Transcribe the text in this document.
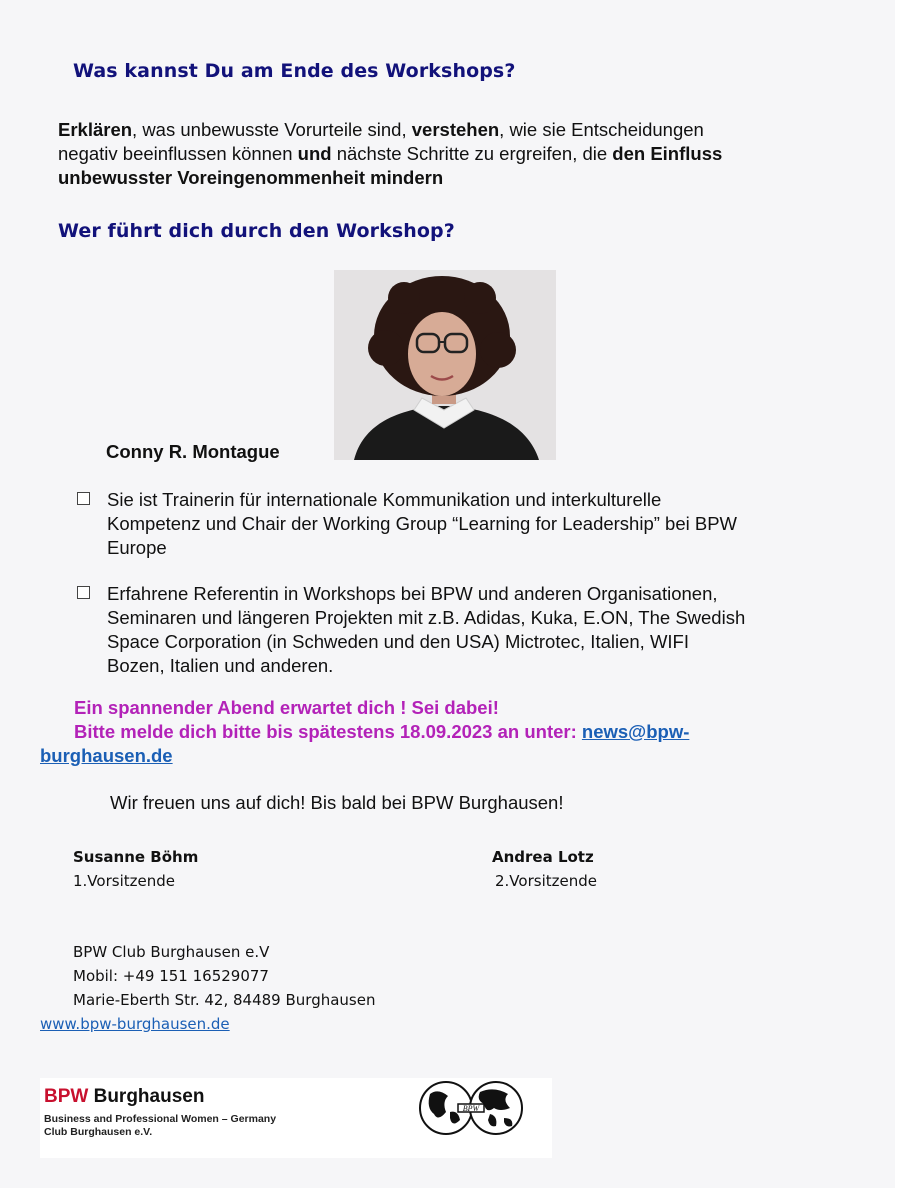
Was kannst Du am Ende des Workshops?
Erklären, was unbewusste Vorurteile sind, verstehen, wie sie Entscheidungen
negativ beeinflussen können und nächste Schritte zu ergreifen, die den Einfluss
unbewusster Voreingenommenheit mindern
Wer führt dich durch den Workshop?
Conny R. Montague
Sie ist Trainerin für internationale Kommunikation und interkulturelle
Kompetenz und Chair der Working Group “Learning for Leadership” bei BPW
Europe
Erfahrene Referentin in Workshops bei BPW und anderen Organisationen,
Seminaren und längeren Projekten mit z.B. Adidas, Kuka, E.ON, The Swedish
Space Corporation (in Schweden und den USA) Mictrotec, Italien, WIFI
Bozen, Italien und anderen.
Ein spannender Abend erwartet dich ! Sei dabei!
Bitte melde dich bitte bis spätestens 18.09.2023 an unter: news@bpw-
burghausen.de
Wir freuen uns auf dich! Bis bald bei BPW Burghausen!
Susanne Böhm
1.Vorsitzende
Andrea Lotz
2.Vorsitzende
BPW Club Burghausen e.V
Mobil: +49 151 16529077
Marie-Eberth Str. 42, 84489 Burghausen
www.bpw-burghausen.de
BPW Burghausen
Business and Professional Women – Germany
Club Burghausen e.V.
BPW
